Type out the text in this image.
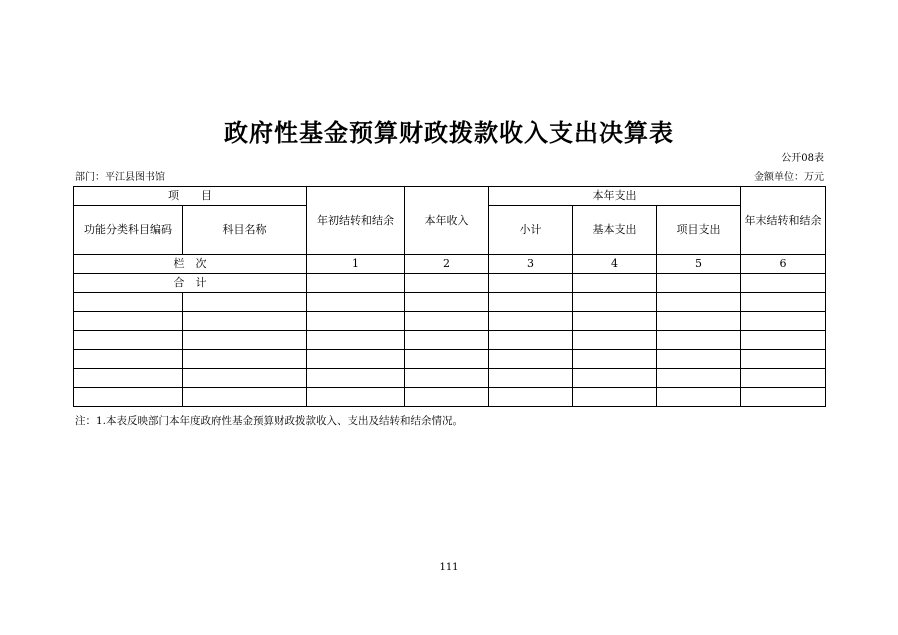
政府性基金预算财政拨款收入支出决算表
公开08表
部门：平江县图书馆	金额单位：万元
项　　目		年初结转和结余	本年收入	本年支出			年末结转和结余
功能分类科目编码	科目名称			小计	基本支出	项目支出	
栏　次		1	2	3	4	5	6
合　计							

注：1.本表反映部门本年度政府性基金预算财政拨款收入、支出及结转和结余情况。
111
